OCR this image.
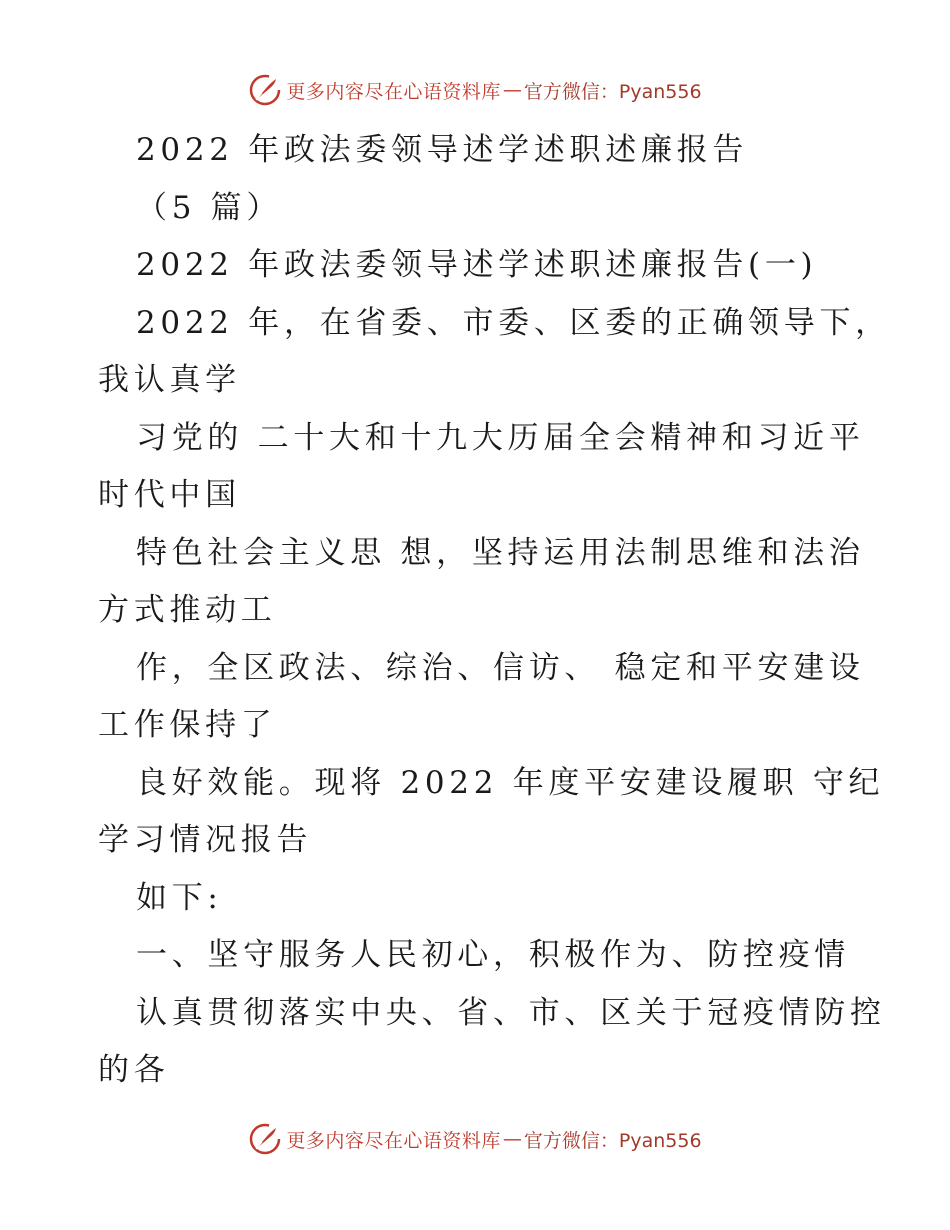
更多内容尽在心语资料库 — 官方微信：Pyan556

2022 年政法委领导述学述职述廉报告

（5 篇）

2022 年政法委领导述学述职述廉报告(一)

2022 年，在省委、市委、区委的正确领导下，

我认真学

习党的 二十大和十九大历届全会精神和习近平

时代中国

特色社会主义思 想，坚持运用法制思维和法治

方式推动工

作，全区政法、综治、信访、 稳定和平安建设

工作保持了

良好效能。现将 2022 年度平安建设履职 守纪

学习情况报告

如下:

一、坚守服务人民初心，积极作为、防控疫情

认真贯彻落实中央、省、市、区关于冠疫情防控

的各

更多内容尽在心语资料库 — 官方微信：Pyan556
